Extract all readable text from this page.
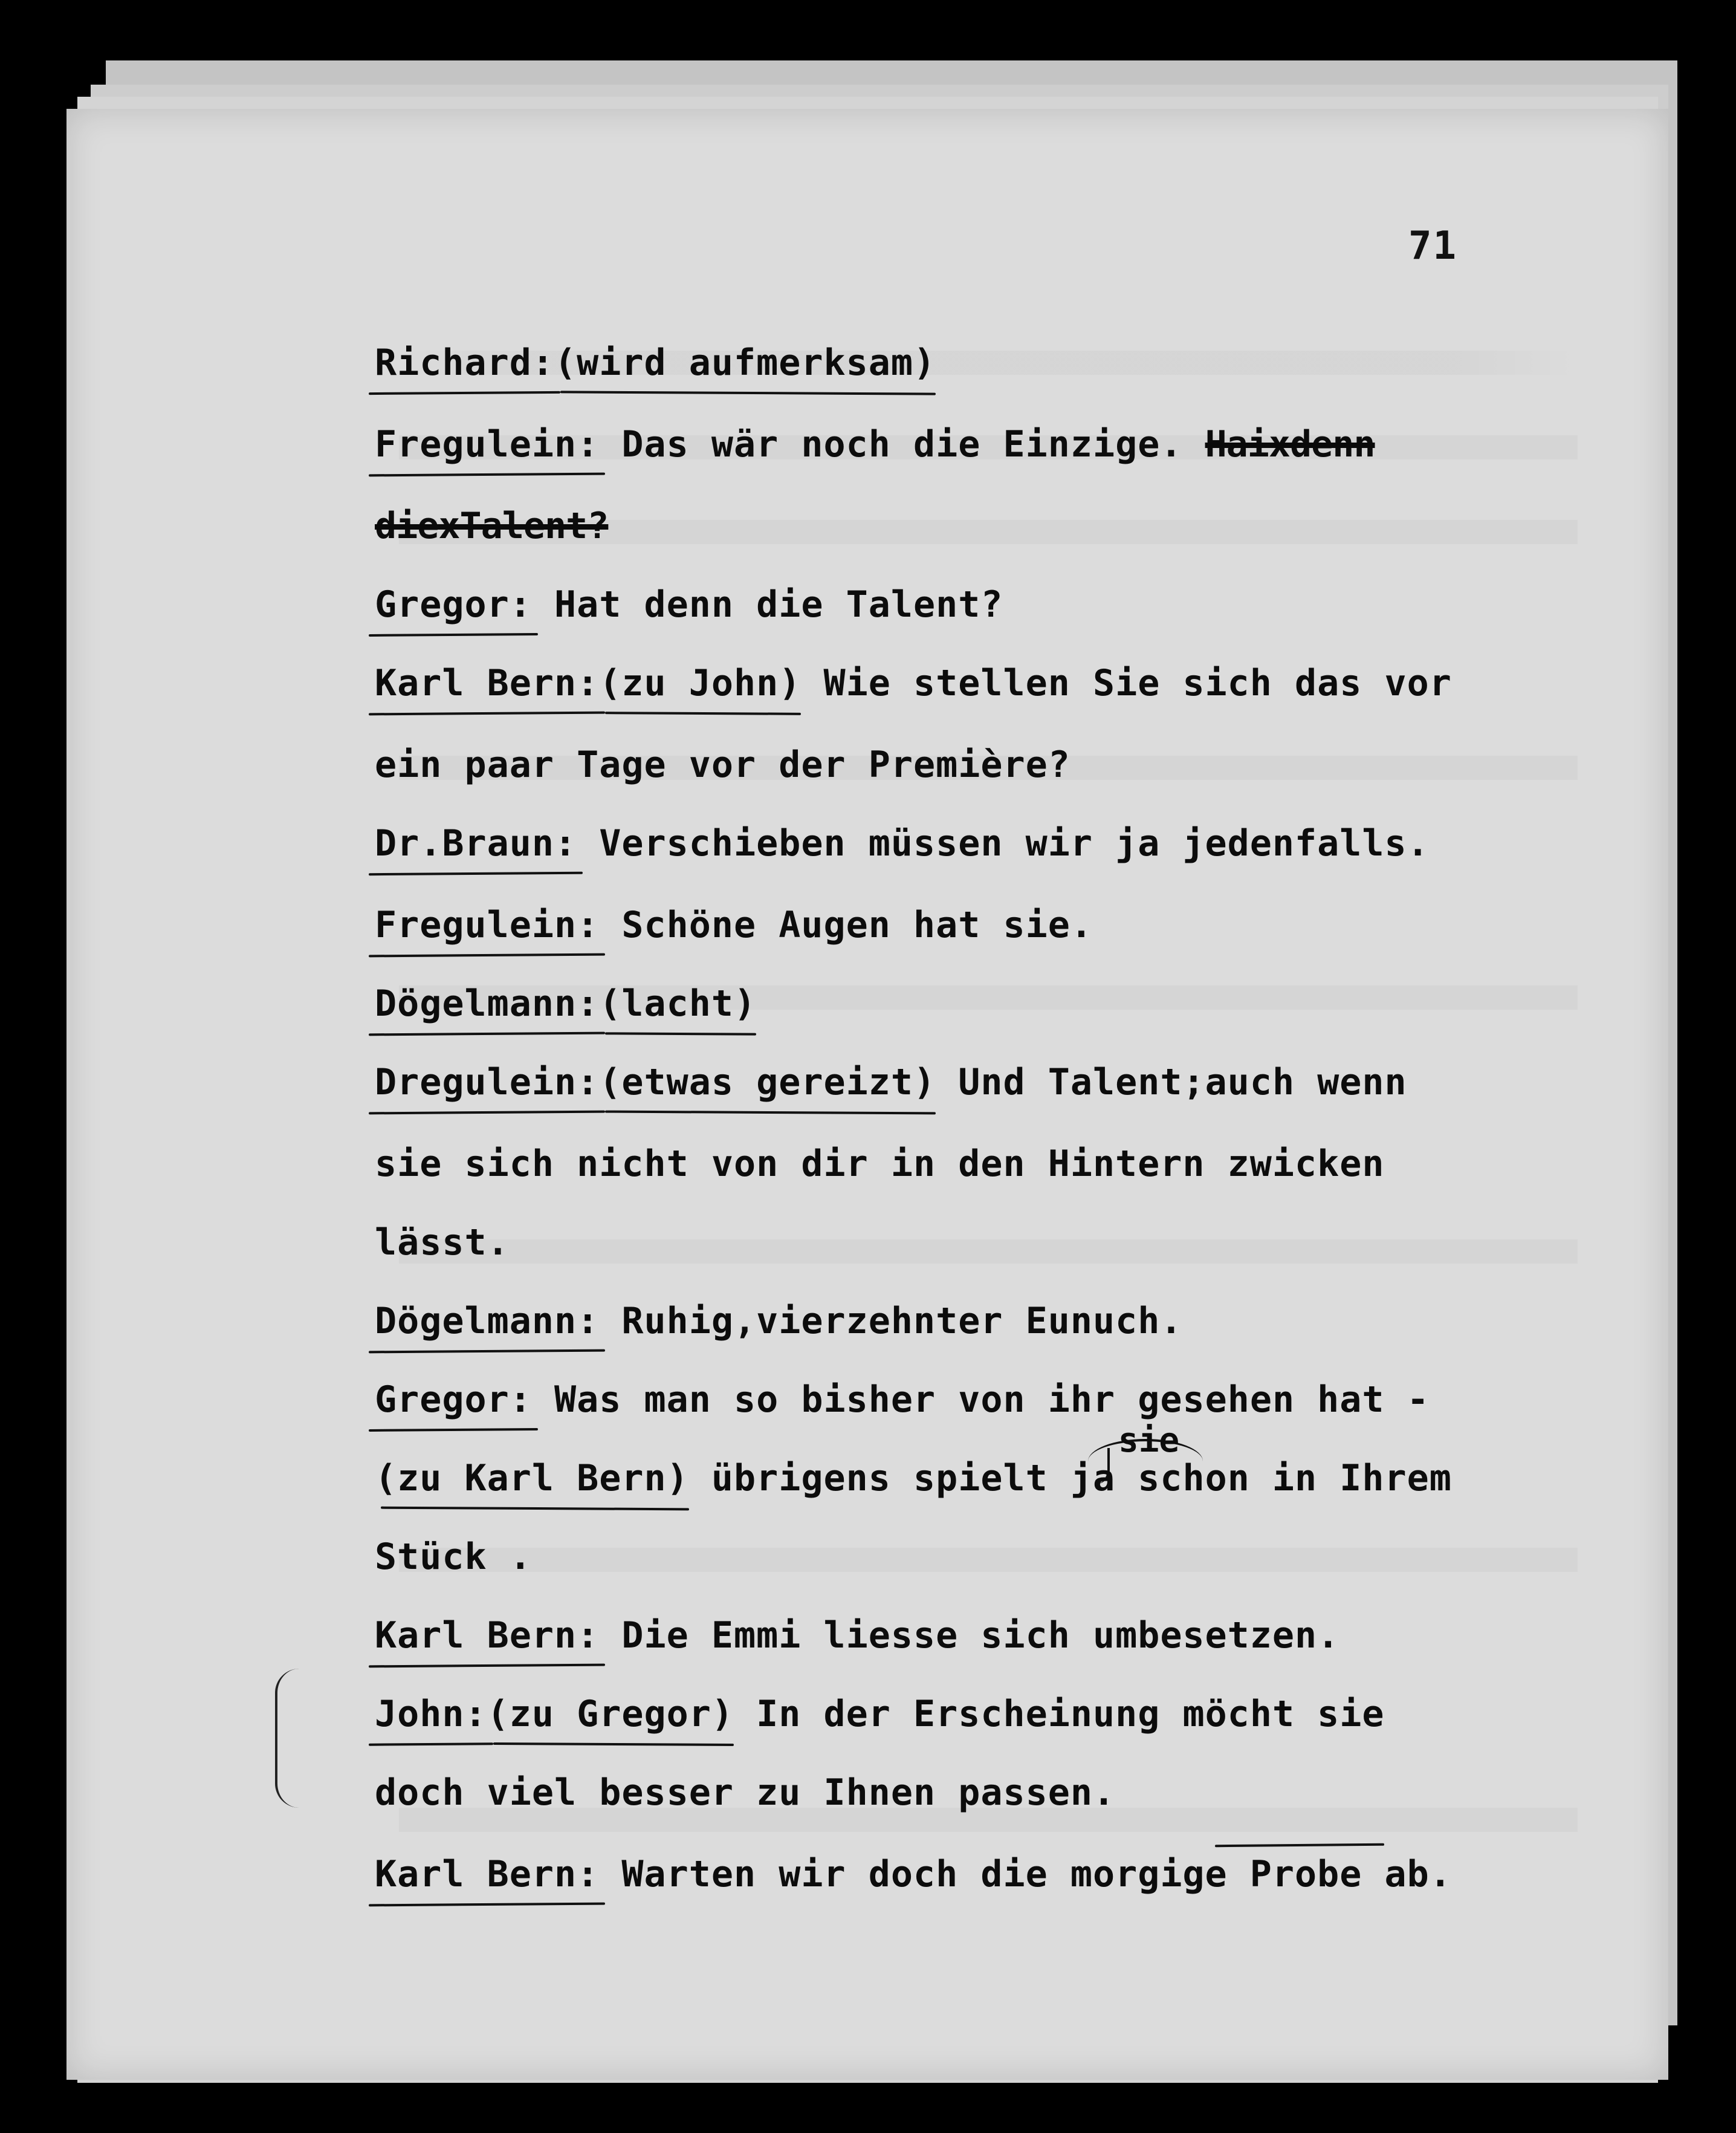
71
Richard:(wird aufmerksam)
Fregulein: Das wär noch die Einzige. Haixdenn
diexTalent?
Gregor: Hat denn die Talent?
Karl Bern:(zu John) Wie stellen Sie sich das vor
ein paar Tage vor der Première?
Dr.Braun: Verschieben müssen wir ja jedenfalls.
Fregulein: Schöne Augen hat sie.
Dögelmann:(lacht)
Dregulein:(etwas gereizt) Und Talent;auch wenn
sie sich nicht von dir in den Hintern zwicken
lässt.
Dögelmann: Ruhig,vierzehnter Eunuch.
Gregor: Was man so bisher von ihr gesehen hat -
sie
(zu Karl Bern) übrigens spielt ja schon in Ihrem
Stück .
Karl Bern: Die Emmi liesse sich umbesetzen.
John:(zu Gregor) In der Erscheinung möcht sie
doch viel besser zu Ihnen passen.
Karl Bern: Warten wir doch die morgige Probe ab.
